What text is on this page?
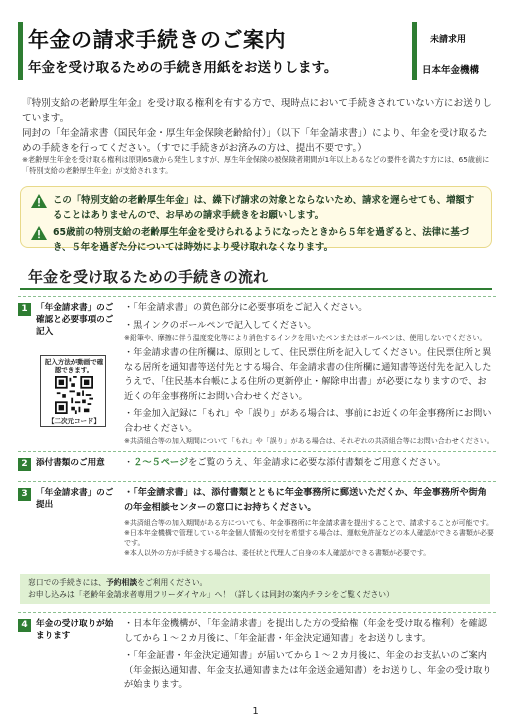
年金の請求手続きのご案内
年金を受け取るための手続き用紙をお送りします。
未請求用
日本年金機構

『特別支給の老齢厚生年金』を受け取る権利を有する方で、現時点において手続きされていない方にお送りしています。

同封の「年金請求書（国民年金・厚生年金保険老齢給付）」（以下「年金請求書」）により、年金を受け取るための手続きを行ってください。（すでに手続きがお済みの方は、提出不要です。）

※老齢厚生年金を受け取る権利は原則65歳から発生しますが、厚生年金保険の被保険者期間が1年以上あるなどの要件を満たす方には、65歳前に「特別支給の老齢厚生年金」が支給されます。
この「特別支給の老齢厚生年金」は、繰下げ請求の対象とならないため、請求を遅らせても、増額することはありませんので、お早めの請求手続きをお願いします。
65歳前の特別支給の老齢厚生年金を受けられるようになったときから５年を過ぎると、法律に基づき、５年を過ぎた分については時効により受け取れなくなります。
年金を受け取るための手続きの流れ
1 「年金請求書」のご確認と必要事項のご記入
記入方法が動画で確認できます。
【二次元コード】
・「年金請求書」の黄色部分に必要事項をご記入ください。
・黒インクのボールペンで記入してください。
※鉛筆や、摩擦に伴う温度変化等により消色するインクを用いたペンまたはボールペンは、使用しないでください。
・年金請求書の住所欄は、原則として、住民票住所を記入してください。住民票住所と異なる居所を通知書等送付先とする場合、年金請求書の住所欄に通知書等送付先を記入したうえで、「住民基本台帳による住所の更新停止・解除申出書」が必要になりますので、お近くの年金事務所にお問い合わせください。
・年金加入記録に「もれ」や「誤り」がある場合は、事前にお近くの年金事務所にお問い合わせください。
※共済組合等の加入期間について「もれ」や「誤り」がある場合は、それぞれの共済組合等にお問い合わせください。
2 添付書類のご用意	・２～５ページをご覧のうえ、年金請求に必要な添付書類をご用意ください。
3 「年金請求書」のご提出
・「年金請求書」は、添付書類とともに年金事務所に郵送いただくか、年金事務所や街角の年金相談センターの窓口にお持ちください。
※共済組合等の加入期間がある方についても、年金事務所に年金請求書を提出することで、請求することが可能です。
※日本年金機構で管理している年金個人情報の交付を希望する場合は、運転免許証などの本人確認ができる書類が必要です。
※本人以外の方が手続きする場合は、委任状と代理人ご自身の本人確認ができる書類が必要です。
窓口での手続きには、予約相談をご利用ください。
お申し込みは「老齢年金請求者専用フリーダイヤル」へ！（詳しくは同封の案内チラシをご覧ください）
4 年金の受け取りが始まります
・日本年金機構が、「年金請求書」を提出した方の受給権（年金を受け取る権利）を確認してから１～２カ月後に、「年金証書・年金決定通知書」をお送りします。
・「年金証書・年金決定通知書」が届いてから１～２カ月後に、年金のお支払いのご案内（年金振込通知書、年金支払通知書または年金送金通知書）をお送りし、年金の受け取りが始まります。
1
